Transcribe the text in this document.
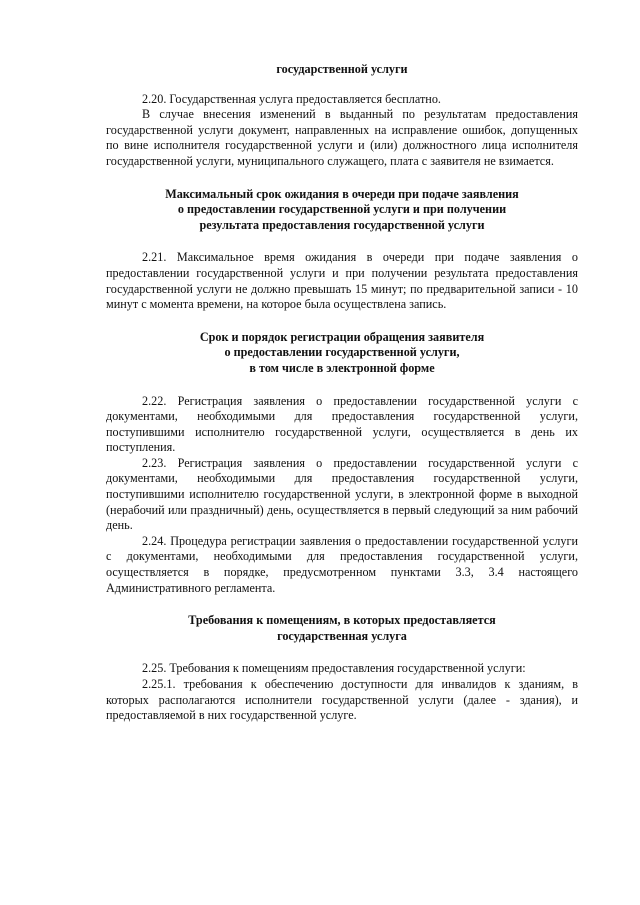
государственной услуги

2.20. Государственная услуга предоставляется бесплатно.

В случае внесения изменений в выданный по результатам предоставления государственной услуги документ, направленных на исправление ошибок, допущенных по вине исполнителя государственной услуги и (или) должностного лица исполнителя государственной услуги, муниципального служащего, плата с заявителя не взимается.

Максимальный срок ожидания в очереди при подаче заявления
о предоставлении государственной услуги и при получении
результата предоставления государственной услуги

2.21. Максимальное время ожидания в очереди при подаче заявления о предоставлении государственной услуги и при получении результата предоставления государственной услуги не должно превышать 15 минут; по предварительной записи - 10 минут с момента времени, на которое была осуществлена запись.

Срок и порядок регистрации обращения заявителя
о предоставлении государственной услуги,
в том числе в электронной форме

2.22. Регистрация заявления о предоставлении государственной услуги с документами, необходимыми для предоставления государственной услуги, поступившими исполнителю государственной услуги, осуществляется в день их поступления.

2.23. Регистрация заявления о предоставлении государственной услуги с документами, необходимыми для предоставления государственной услуги, поступившими исполнителю государственной услуги, в электронной форме в выходной (нерабочий или праздничный) день, осуществляется в первый следующий за ним рабочий день.

2.24. Процедура регистрации заявления о предоставлении государственной услуги с документами, необходимыми для предоставления государственной услуги, осуществляется в порядке, предусмотренном пунктами 3.3, 3.4 настоящего Административного регламента.

Требования к помещениям, в которых предоставляется
государственная услуга

2.25. Требования к помещениям предоставления государственной услуги:

2.25.1. требования к обеспечению доступности для инвалидов к зданиям, в которых располагаются исполнители государственной услуги (далее - здания), и предоставляемой в них государственной услуге.
